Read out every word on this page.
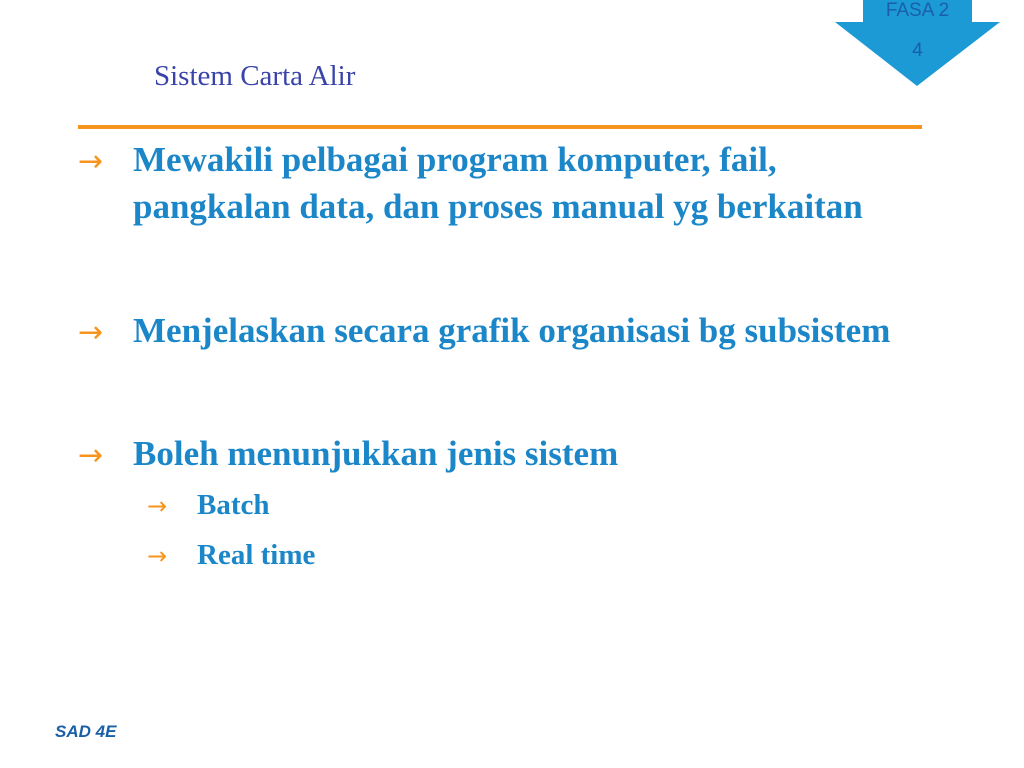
FASA 2
4
Sistem Carta Alir
→ Mewakili pelbagai program komputer, fail, pangkalan data, dan proses manual yg berkaitan
→ Menjelaskan secara grafik organisasi bg subsistem
→ Boleh menunjukkan jenis sistem
→ Batch
→ Real time
SAD 4E
